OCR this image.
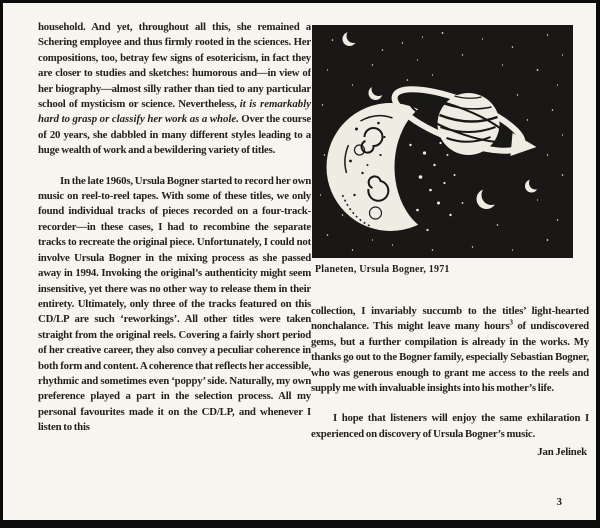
household. And yet, throughout all this, she remained a Schering employee and thus firmly rooted in the sciences. Her compositions, too, betray few signs of esotericism, in fact they are closer to studies and sketches: humorous and—in view of her biography—almost silly rather than tied to any particular school of mysticism or science. Nevertheless, it is remarkably hard to grasp or classify her work as a whole. Over the course of 20 years, she dabbled in many different styles leading to a huge wealth of work and a bewildering variety of titles.

In the late 1960s, Ursula Bogner started to record her own music on reel-to-reel tapes. With some of these titles, we only found individual tracks of pieces recorded on a four-track-recorder—in these cases, I had to recombine the separate tracks to recreate the original piece. Unfortunately, I could not involve Ursula Bogner in the mixing process as she passed away in 1994. Invoking the original’s authenticity might seem insensitive, yet there was no other way to release them in their entirety. Ultimately, only three of the tracks featured on this CD/LP are such ‘reworkings’. All other titles were taken straight from the original reels. Covering a fairly short period of her creative career, they also convey a peculiar coherence in both form and content. A coherence that reflects her accessible, rhythmic and sometimes even ‘poppy’ side. Naturally, my own preference played a part in the selection process. All my personal favourites made it on the CD/LP, and whenever I listen to this

Planeten, Ursula Bogner, 1971

collection, I invariably succumb to the titles’ light-hearted nonchalance. This might leave many hours$^3$ of undiscovered gems, but a further compilation is already in the works. My thanks go out to the Bogner family, especially Sebastian Bogner, who was generous enough to grant me access to the reels and supply me with invaluable insights into his mother’s life.

I hope that listeners will enjoy the same exhilaration I experienced on discovery of Ursula Bogner’s music.

Jan Jelinek
3
